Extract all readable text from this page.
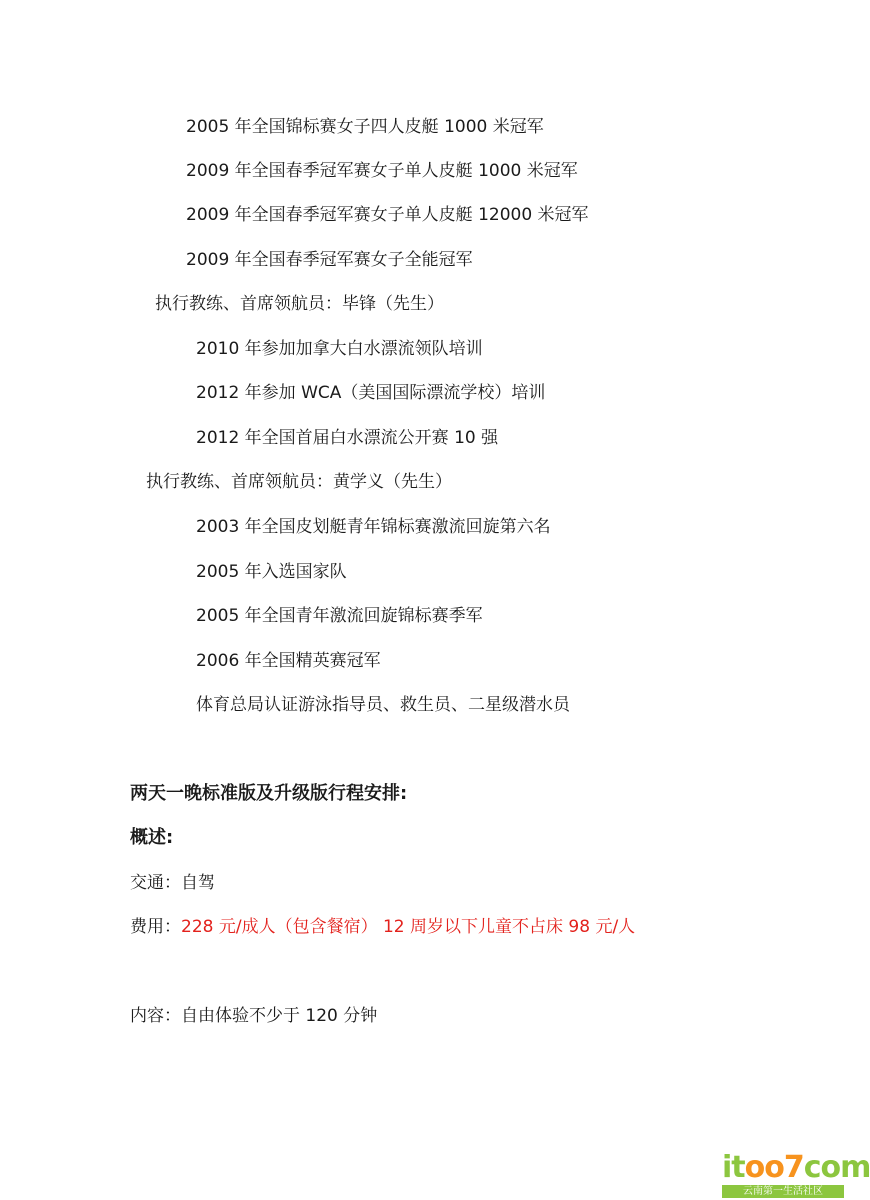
2005 年全国锦标赛女子四人皮艇 1000 米冠军
2009 年全国春季冠军赛女子单人皮艇 1000 米冠军
2009 年全国春季冠军赛女子单人皮艇 12000 米冠军
2009 年全国春季冠军赛女子全能冠军
执行教练、首席领航员：毕锋（先生）
2010 年参加加拿大白水漂流领队培训
2012 年参加 WCA（美国国际漂流学校）培训
2012 年全国首届白水漂流公开赛 10 强
执行教练、首席领航员：黄学义（先生）
2003 年全国皮划艇青年锦标赛激流回旋第六名
2005 年入选国家队
2005 年全国青年激流回旋锦标赛季军
2006 年全国精英赛冠军
体育总局认证游泳指导员、救生员、二星级潜水员
两天一晚标准版及升级版行程安排:
概述:
交通：自驾
费用：228 元/成人（包含餐宿） 12 周岁以下儿童不占床 98 元/人
内容：自由体验不少于 120 分钟
itoo7com
云南第一生活社区
